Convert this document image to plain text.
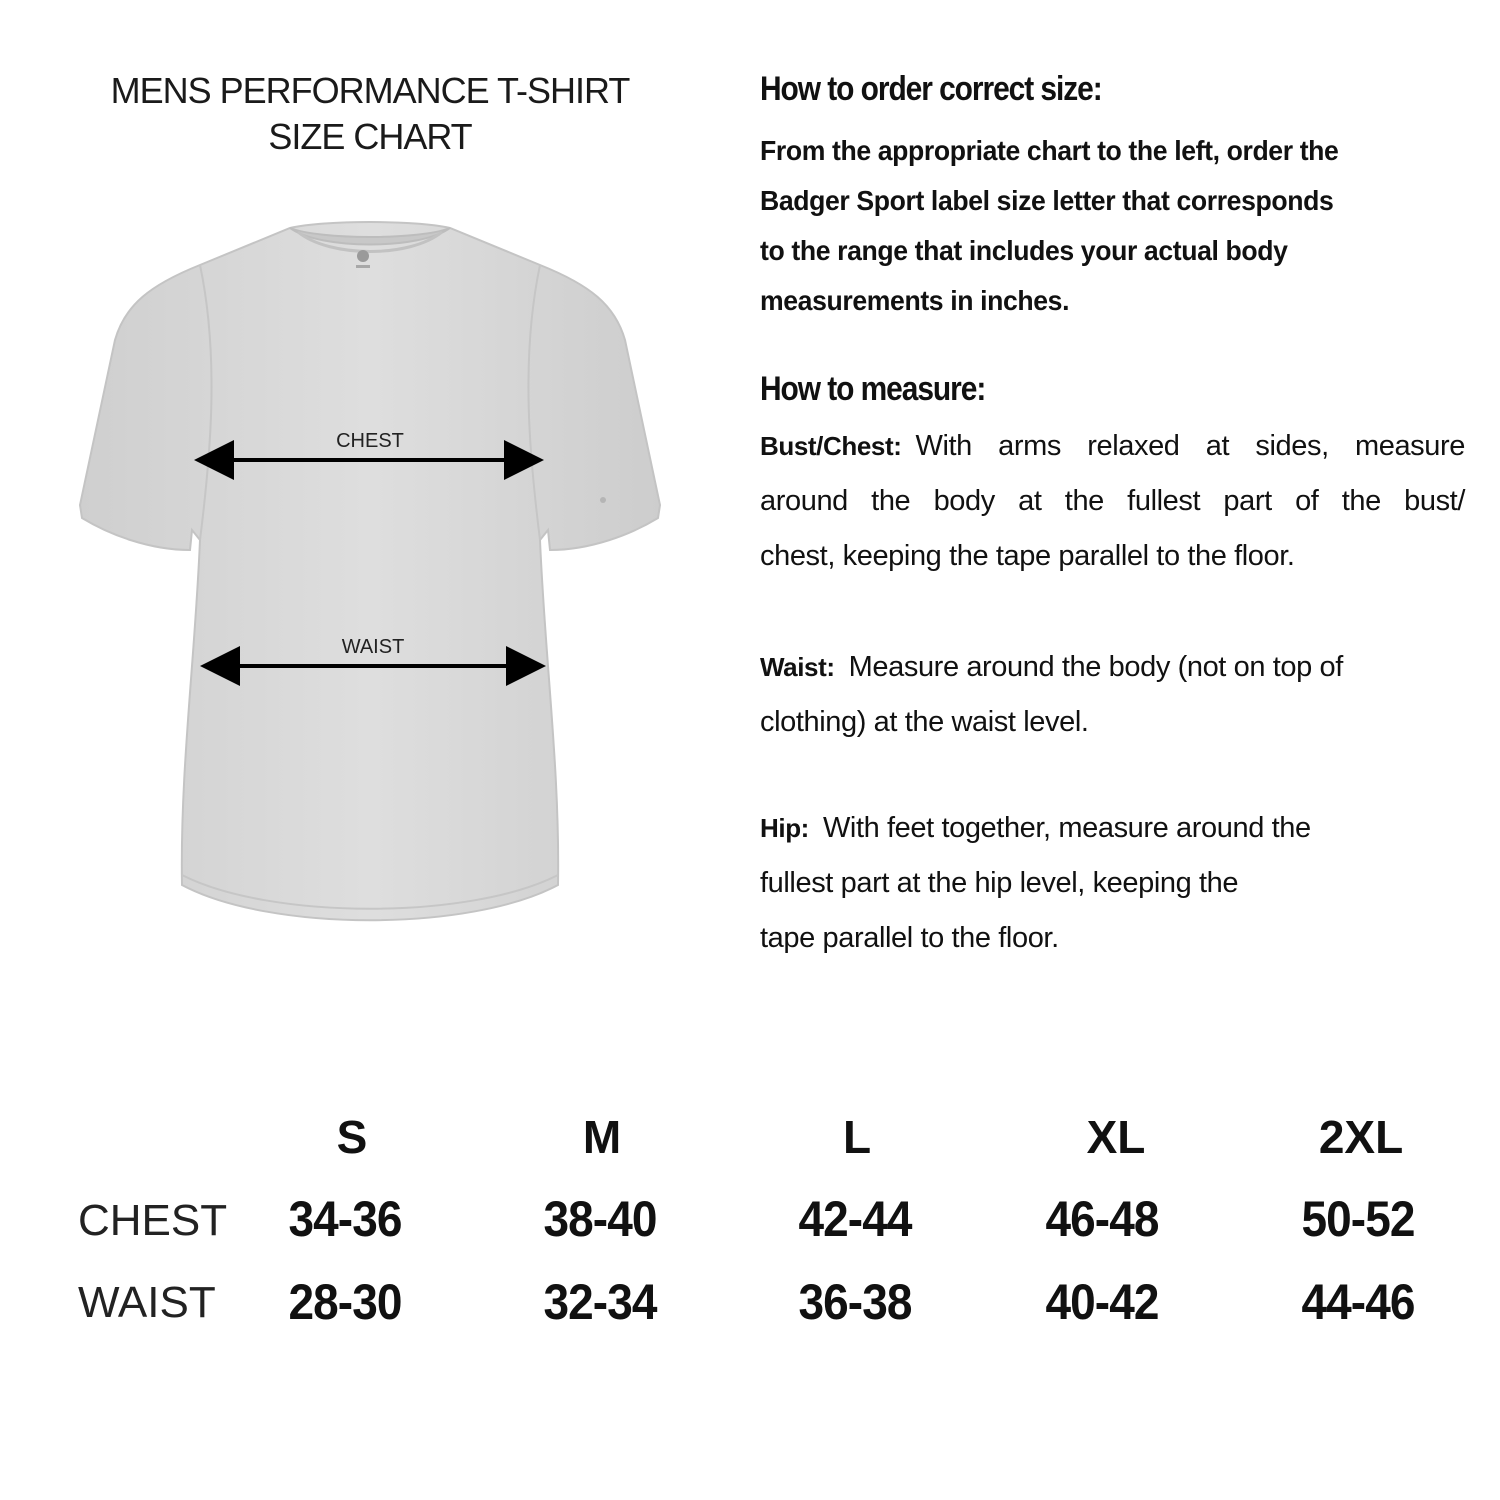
MENS PERFORMANCE T-SHIRT
SIZE CHART
CHEST
WAIST
How to order correct size:
From the appropriate chart to the left, order the
Badger Sport label size letter that corresponds
to the range that includes your actual body
measurements in inches.
How to measure:
Bust/Chest: With arms relaxed at sides, measure
around the body at the fullest part of the bust/
chest, keeping the tape parallel to the floor.
Waist: Measure around the body (not on top of
clothing) at the waist level.
Hip: With feet together, measure around the
fullest part at the hip level, keeping the
tape parallel to the floor.
S	M	L	XL	2XL
CHEST 34-36	38-40	42-44	46-48	50-52
WAIST 28-30	32-34	36-38	40-42	44-46
